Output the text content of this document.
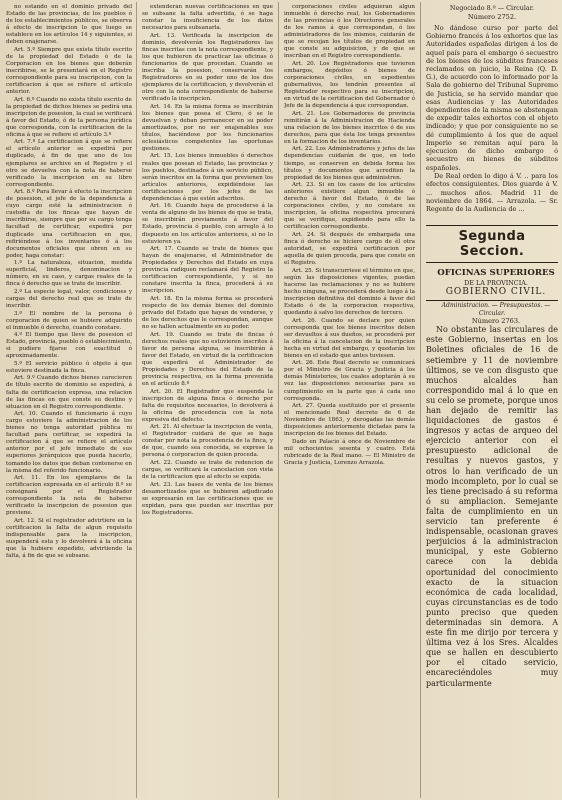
no estando en el dominio privado del Estado de las provincias, de los pueblos ó de los establecimientos públicos, se observa á efecto de inscripcion lo que luego se establece en los artículos 14 y siguientes, si deben enajenarse.

Art. 5.º Siempre que exista título escrito de la propiedad del Estado ó de la Corporacion en los bienes que deberán inscribirse, se le presentará en el Registro correspondiente para su inscripcion, con la certificacion á que se refiere el artículo anterior.

Art. 6.º Cuando no exista título escrito de la propiedad de dichos bienes se pedirá una inscripcion de posesion, la cual se verificará á favor del Estado, ó de la persona jurídica que corresponda, con la certificacion de la oficina á que se refiere el artículo 3.º

Art. 7.º La certificacion á que se refiere el artículo anterior se expedirá por duplicado, á fin de que uno de los ejemplares se archive en el Registro y el otro se devuelva con la nota de haberse verificado la inscripcion en su libro correspondiente.

Art. 8.º Para llevar á efecto la inscripcion de posesion, el jefe de la dependencia á cuyo cargo esté la administracion ó custodia de los fincas que hayan de inscribirse, siempre que por su cargo tenga facultad de certificar, expedirá por duplicado una certificacion en que, refiriéndose á los inventarios ó á los documentos oficiales que obren en su poder, haga constar:

1.º La naturaleza, situacion, medida superficial, linderos, denominacion y número, en su caso, y cargas reales de la finca ó derecho que se trate de inscribir.

2.º La especie legal, valor, condiciones y cargas del derecho real que se trate de inscribir.

3.º El nombre de la persona ó corporacion de quien se hubiere adquirido el inmueble ó derecho, cuando constare.

4.º El tiempo que lleve de posesion el Estado, provincia, pueblo ó establecimiento, si pudiere fijarse con exactitud ó aproximadamente.

5.º El servicio público ú objeto á que estuviere destinada la finca.

Art. 9.º Cuando dichos bienes carecieren de título escrito de dominio se expedirá, á falta de certificacion expresa, una relacion de las fincas en que conste su destino y situacion en el Registro correspondiente.

Art. 10. Cuando el funcionario á cuyo cargo estuviere la administracion de los bienes no tenga autoridad pública ni facultad para certificar, se expedirá la certificacion á que se refiere el artículo anterior por el jefe inmediato de sus superiores jerárquicos que pueda hacerlo, tomando los datos que deban contenerse en la misma del referido funcionario.

Art. 11. En los ejemplares de la certificacion expresada en el artículo 8.º se consignará por el Registrador correspondiente la nota de haberse verificado la inscripcion de posesion que previene.

Art. 12. Si el registrador advirtiere en la certificacion la falta de algun requisito indispensable para la inscripcion, suspenderá esta y lo devolverá á la oficina que la hubiere expedido, advirtiendo la falta, á fin de que se subsane.

extenderán nuevas certificaciones en que se subsane la falta advertida, ó se haga constar la insuficiencia de los datos necesarios para subsanarla.

Art. 13. Verificada la inscripcion de dominio, devolverán los Registradores las fincas inscritas con la nota correspondiente, y los que hubieren de practicar las oficinas ó funcionarios de que procedan. Cuando se inscriba la posesion, conservarán los Registradores en su poder uno de los dos ejemplares de la certificacion, y devolverán el otro con la nota correspondiente de haberse verificado la inscripcion.

Art. 14. En la misma forma se inscribirán los bienes que posea el Clero, ó se le devuelvan y deban permanecer en su poder amortizados, por no ser enajenables sus títulos, haciéndose por los funcionarios eclesiásticos competentes las oportunas gestiones.

Art. 15. Los bienes inmuebles ó derechos reales que posean el Estado, las provincias y los pueblos, destinados á un servicio público, serán inscritos en la forma que previenen los artículos anteriores, expidiéndose las certificaciones por los jefes de las dependencias á que estén adscritos.

Art. 16. Cuando haya de procederse á la venta de alguno de los bienes de que se trata, se inscribirán previamente á favor del Estado, provincia ó pueblo, con arreglo á lo dispuesto en los artículos anteriores, si no lo estuvieren ya.

Art. 17. Cuando se trate de bienes que hayan de enajenarse, el Administrador de Propiedades y Derechos del Estado en cuya provincia radiquen reclamará del Registro la certificacion correspondiente, y si no constare inscrita la finca, procederá á su inscripcion.

Art. 18. En la misma forma se procederá respecto de los demás bienes del dominio privado del Estado que hayan de venderse, y de los derechos que le correspondan, aunque no se hallen actualmente en su poder.

Art. 19. Cuando se trate de fincas ó derechos reales que no estuvieren inscritos á favor de persona alguna, se inscribirán á favor del Estado, en virtud de la certificacion que expedirá el Administrador de Propiedades y Derechos del Estado de la provincia respectiva, en la forma prevenida en el artículo 8.º

Art. 20. El Registrador que suspenda la inscripcion de alguna finca ó derecho por falta de requisitos necesarios, lo devolverá á la oficina de procedencia con la nota expresiva del defecto.

Art. 21. Al efectuar la inscripcion de venta, el Registrador cuidará de que se haga constar por nota la procedencia de la finca, y de que, cuando sea conocida, se exprese la persona ó corporacion de quien proceda.

Art. 22. Cuando se trate de redencion de cargas, se verificará la cancelacion con vista de la certificacion que al efecto se expida.

Art. 23. Las bases de venta de los bienes desamortizados que se hubieren adjudicado se expresarán en las certificaciones que se expidan, para que puedan ser inscritas por los Registradores.

corporaciones civiles adquieran algun inmueble ó derecho real, los Gobernadores de las provincias ó los Directores generales de los ramos á que correspondan, ó los administradores de los mismos, cuidarán de que se recojan los títulos de propiedad en que conste su adquisicion, y de que se inscriban en el Registro correspondiente.

Art. 20. Los Registradores que tuvieren embargos, depósitos ó bienes de corporaciones civiles, en espedientes gubernativos, los tendrán presentes al Registrador respectivo para su inscripcion, en virtud de la certificacion del Gobernador ó Jefe de la dependencia á que correspondan.

Art. 21. Los Gobernadores de provincia remitirán á la Administracion de Hacienda una relacion de los bienes inscritos ó de sus derechos, para que ésta los tenga presentes en la formacion de los inventarios.

Art. 22. Los Administradores y jefes de las dependencias cuidarán de que, en todo tiempo, se conserven en debida forma los títulos y documentos que acrediten la propiedad de los bienes que administren.

Art. 23. Si en los casos de los artículos anteriores existiere algun inmueble ó derecho á favor del Estado, ó de las corporaciones civiles, y no constare su inscripcion, la oficina respectiva procurará que se verifique, expidiendo para ello la certificacion correspondiente.

Art. 24. Si después de embargada una finca ó derecho se hiciere cargo de él otra autoridad, se expedirá certificacion por aquella de quien proceda, para que conste en el Registro.

Art. 25. Si transcurriese el término en que, según las disposiciones vigentes, puedan hacerse las reclamaciones y no se hubiere hecho ninguna, se procederá desde luego á la inscripcion definitiva del dominio á favor del Estado ó de la corporacion respectiva, quedando á salvo los derechos de tercero.

Art. 26. Cuando se declare por quien corresponda que los bienes inscritos deben ser devueltos á sus dueños, se procederá por la oficina á la cancelacion de la inscripcion hecha en virtud del embargo, y quedarán los bienes en el estado que antes tuviesen.

Art. 26. Este Real decreto se comunicará por el Ministro de Gracia y Justicia á los demás Ministerios, los cuales adoptarán á su vez las disposiciones necesarias para su cumplimiento en la parte que á cada uno corresponda.

Art. 27. Queda sustituido por el presente el mencionado Real decreto de 6 de Noviembre de 1863, y derogadas las demás disposiciones anteriormente dictadas para la inscripcion de los bienes del Estado.

Dado en Palacio á once de Noviembre de mil ochocientos sesenta y cuatro. Está rubricado de la Real mano. — El Ministro de Gracia y Justicia, Lorenzo Arrazola.

Negociado 8.º — Circular.

Número 2752.

No dándose curso por parte del Gobierno francés á los exhortos que las Autoridades españolas dirigen á los de aquel país para el embargo ó secuestro de los bienes de los súbditos franceses reclamados en juicio, la Reina (Q. D. G.), de acuerdo con lo informado por la Sala de gobierno del Tribunal Supremo de Justicia, se ha servido mandar que esas Audiencias y las Autoridades dependientes de la misma se abstengan de expedir tales exhortos con el objeto indicado; y que por consiguiente no se dé cumplimiento á los que de aquel Imperio se remitan aquí para la ejecucion de dicho embargo ó secuestro en bienes de súbditos españoles.

De Real orden lo digo á V. .. para los efectos consiguientes. Dios guarde á V. ... muchos años. Madrid 11 de noviembre de 1864. — Arrazola. — Sr. Regente de la Audiencia de ...

Segunda Seccion.

OFICINAS SUPERIORES

DE LA PROVINCIA.

GOBIERNO CIVIL.

Administracion. — Presupuestos. — Circular.

Número 2763.

No obstante las circulares de este Gobierno, insertas en los Boletines oficiales de 16 de setiembre y 11 de noviembre últimos, se ve con disgusto que muchos alcaldes han correspondido mal á lo que en su celo se promete, porque unos han dejado de remitir las liquidaciones de gastos é ingresos y actas de arqueo del ejercicio anterior con el presupuesto adicional de resultas y nuevos gastos, y otros lo han verificado de un modo incompleto, por lo cual se les tiene precisado á su reforma ó su ampliacion. Semejante falta de cumplimiento en un servicio tan preferente é indispensable, ocasionan graves perjuicios á la administracion municipal, y este Gobierno carece con la debida oportunidad del conocimiento exacto de la situacion económica de cada localidad, cuyas circunstancias es de todo punto preciso que queden determinadas sin demora. A este fin me dirijo por tercera y última vez á los Sres. Alcaldes que se hallen en descubierto por el citado servicio, encareciéndoles muy particularmente
